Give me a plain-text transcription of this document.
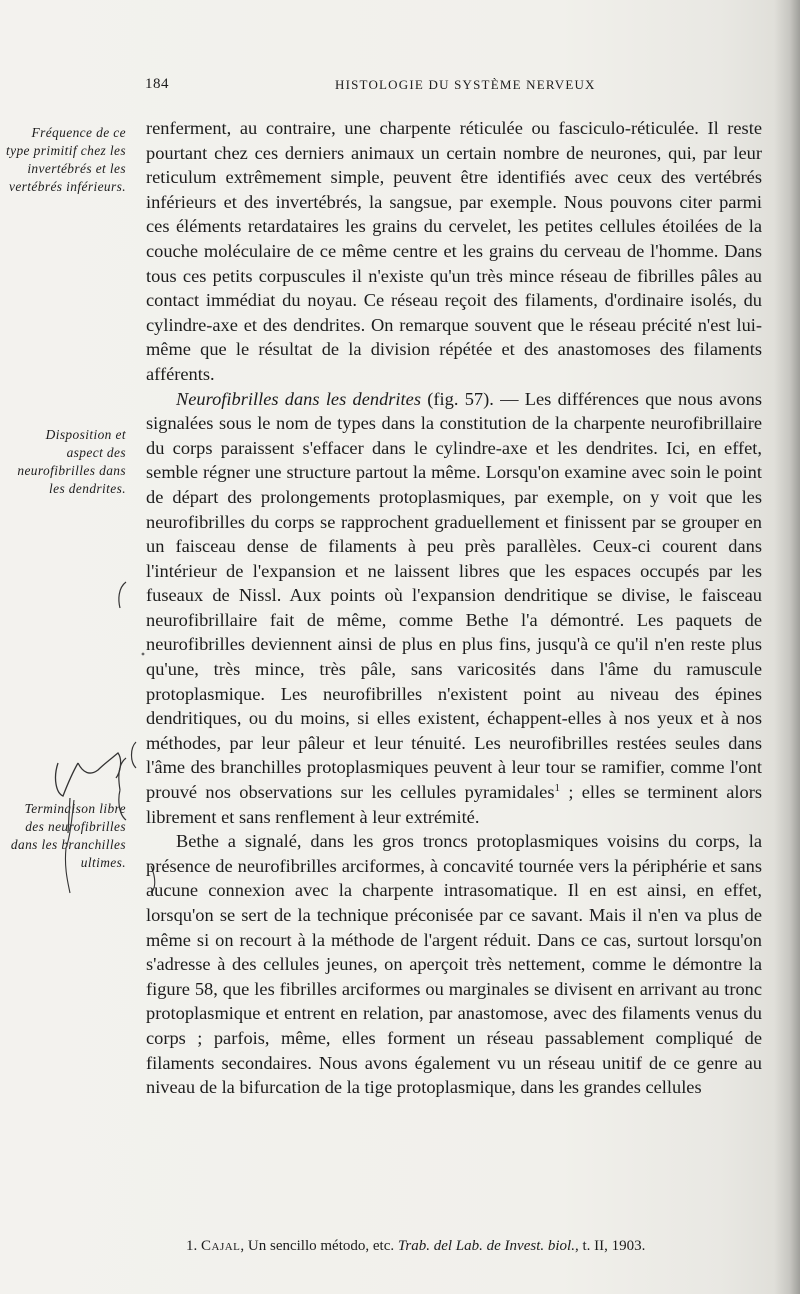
184	HISTOLOGIE DU SYSTÈME NERVEUX
Fréquence de ce type primitif chez les invertébrés et les vertébrés inférieurs.
Disposition et aspect des neurofibrilles dans les dendrites.
Terminaison libre des neurofibrilles dans les branchilles ultimes.

renferment, au contraire, une charpente réticulée ou fasciculo-réticulée. Il reste pourtant chez ces derniers animaux un certain nombre de neurones, qui, par leur reticulum extrêmement simple, peuvent être identifiés avec ceux des vertébrés inférieurs et des invertébrés, la sangsue, par exemple. Nous pouvons citer parmi ces éléments retardataires les grains du cervelet, les petites cellules étoilées de la couche moléculaire de ce même centre et les grains du cerveau de l'homme. Dans tous ces petits corpuscules il n'existe qu'un très mince réseau de fibrilles pâles au contact immédiat du noyau. Ce réseau reçoit des filaments, d'ordinaire isolés, du cylindre-axe et des dendrites. On remarque souvent que le réseau précité n'est lui-même que le résultat de la division répétée et des anastomoses des filaments afférents.

Neurofibrilles dans les dendrites (fig. 57). — Les différences que nous avons signalées sous le nom de types dans la constitution de la charpente neurofibrillaire du corps paraissent s'effacer dans le cylindre-axe et les dendrites. Ici, en effet, semble régner une structure partout la même. Lorsqu'on examine avec soin le point de départ des prolongements protoplasmiques, par exemple, on y voit que les neurofibrilles du corps se rapprochent graduellement et finissent par se grouper en un faisceau dense de filaments à peu près parallèles. Ceux-ci courent dans l'intérieur de l'expansion et ne laissent libres que les espaces occupés par les fuseaux de Nissl. Aux points où l'expansion dendritique se divise, le faisceau neurofibrillaire fait de même, comme Bethe l'a démontré. Les paquets de neurofibrilles deviennent ainsi de plus en plus fins, jusqu'à ce qu'il n'en reste plus qu'une, très mince, très pâle, sans varicosités dans l'âme du ramuscule protoplasmique. Les neurofibrilles n'existent point au niveau des épines dendritiques, ou du moins, si elles existent, échappent-elles à nos yeux et à nos méthodes, par leur pâleur et leur ténuité. Les neurofibrilles restées seules dans l'âme des branchilles protoplasmiques peuvent à leur tour se ramifier, comme l'ont prouvé nos observations sur les cellules pyramidales$^1$ ; elles se terminent alors librement et sans renflement à leur extrémité.

Bethe a signalé, dans les gros troncs protoplasmiques voisins du corps, la présence de neurofibrilles arciformes, à concavité tournée vers la périphérie et sans aucune connexion avec la charpente intrasomatique. Il en est ainsi, en effet, lorsqu'on se sert de la technique préconisée par ce savant. Mais il n'en va plus de même si on recourt à la méthode de l'argent réduit. Dans ce cas, surtout lorsqu'on s'adresse à des cellules jeunes, on aperçoit très nettement, comme le démontre la figure 58, que les fibrilles arciformes ou marginales se divisent en arrivant au tronc protoplasmique et entrent en relation, par anastomose, avec des filaments venus du corps ; parfois, même, elles forment un réseau passablement compliqué de filaments secondaires. Nous avons également vu un réseau unitif de ce genre au niveau de la bifurcation de la tige protoplasmique, dans les grandes cellules

1. Cajal, Un sencillo método, etc. Trab. del Lab. de Invest. biol., t. II, 1903.
